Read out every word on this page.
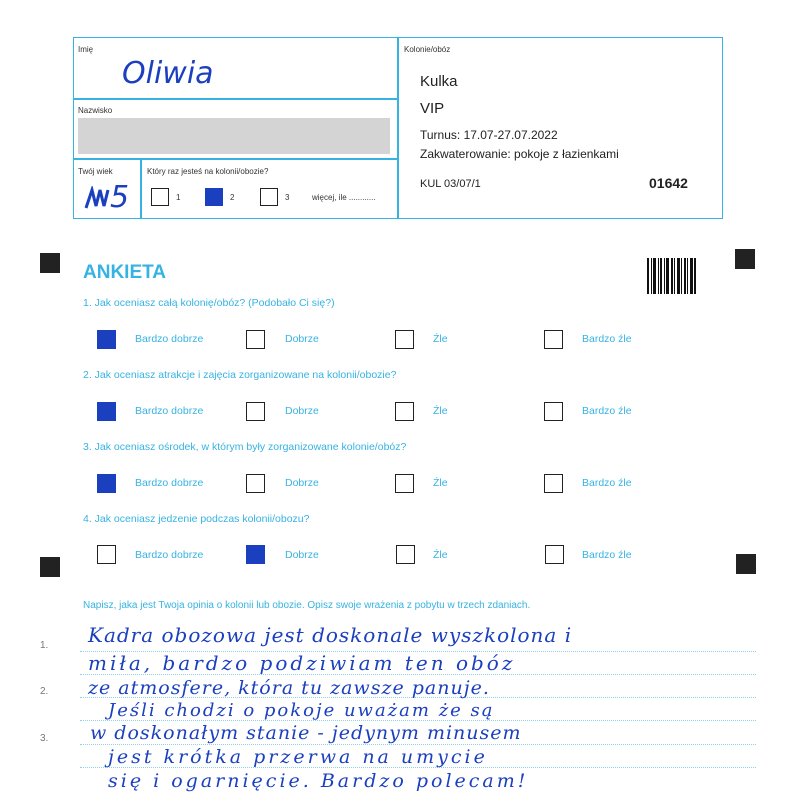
Imię
Oliwia
Nazwisko
Twój wiek
5
Który raz jesteś na kolonii/obozie?
1	2	3	więcej, ile ............
Kolonie/obóz
Kulka
VIP
Turnus: 17.07-27.07.2022
Zakwaterowanie: pokoje z łazienkami
KUL 03/07/1	01642
ANKIETA
1. Jak oceniasz całą kolonię/obóz? (Podobało Ci się?)
Bardzo dobrze	Dobrze	Źle	Bardzo źle
2. Jak oceniasz atrakcje i zajęcia zorganizowane na kolonii/obozie?
Bardzo dobrze	Dobrze	Źle	Bardzo źle
3. Jak oceniasz ośrodek, w którym były zorganizowane kolonie/obóz?
Bardzo dobrze	Dobrze	Źle	Bardzo źle
4. Jak oceniasz jedzenie podczas kolonii/obozu?
Bardzo dobrze	Dobrze	Źle	Bardzo źle
Napisz, jaka jest Twoja opinia o kolonii lub obozie. Opisz swoje wrażenia z pobytu w trzech zdaniach.
1.
2.
3.
Kadra obozowa jest doskonale wyszkolona i
miła, bardzo podziwiam ten obóz
ze atmosfere, która tu zawsze panuje.
Jeśli chodzi o pokoje uważam że są
w doskonałym stanie - jedynym minusem
jest krótka przerwa na umycie
się i ogarnięcie. Bardzo polecam!
